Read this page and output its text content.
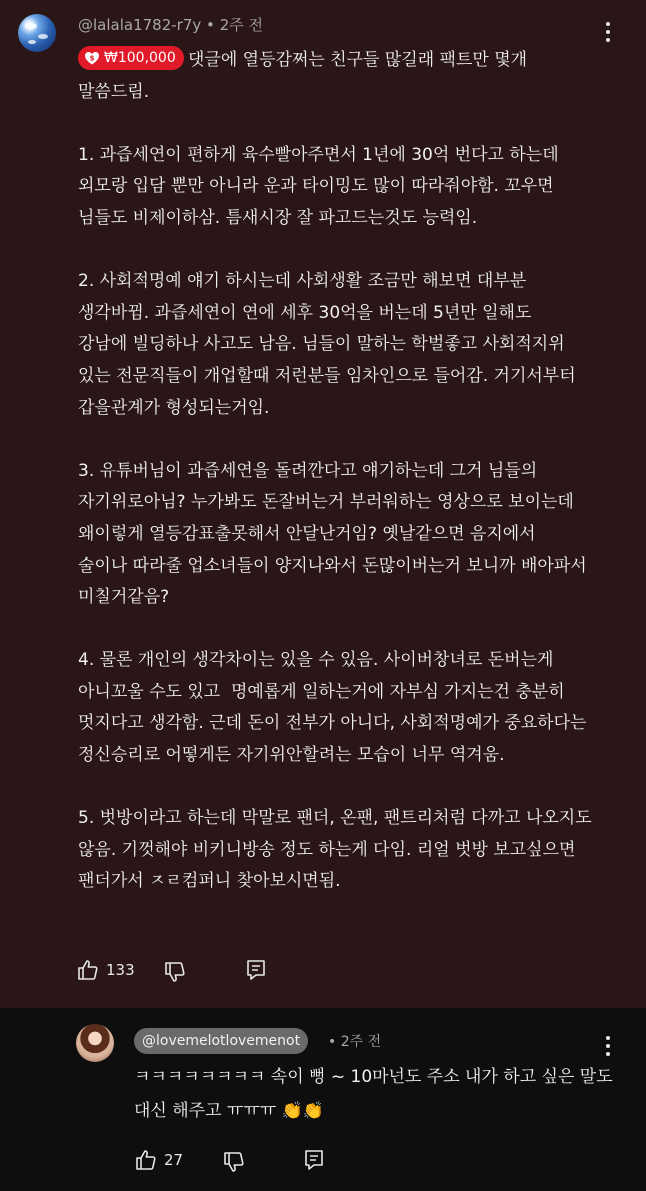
@lalala1782-r7y • 2주 전
$ ₩100,000 댓글에 열등감쩌는 친구들 많길래 팩트만 몇개
말씀드림.

1. 과즙세연이 편하게 육수빨아주면서 1년에 30억 번다고 하는데
외모랑 입담 뿐만 아니라 운과 타이밍도 많이 따라줘야함. 꼬우면
님들도 비제이하삼. 틈새시장 잘 파고드는것도 능력임.

2. 사회적명예 얘기 하시는데 사회생활 조금만 해보면 대부분
생각바뀜. 과즙세연이 연에 세후 30억을 버는데 5년만 일해도
강남에 빌딩하나 사고도 남음. 님들이 말하는 학벌좋고 사회적지위
있는 전문직들이 개업할때 저런분들 임차인으로 들어감. 거기서부터
갑을관계가 형성되는거임.

3. 유튜버님이 과즙세연을 돌려깐다고 얘기하는데 그거 님들의
자기위로아님? 누가봐도 돈잘버는거 부러워하는 영상으로 보이는데
왜이렇게 열등감표출못해서 안달난거임? 옛날같으면 음지에서
술이나 따라줄 업소녀들이 양지나와서 돈많이버는거 보니까 배아파서
미칠거같음?

4. 물론 개인의 생각차이는 있을 수 있음. 사이버창녀로 돈버는게
아니꼬울 수도 있고  명예롭게 일하는거에 자부심 가지는건 충분히
멋지다고 생각함. 근데 돈이 전부가 아니다, 사회적명예가 중요하다는
정신승리로 어떻게든 자기위안할려는 모습이 너무 역겨움.

5. 벗방이라고 하는데 막말로 팬더, 온팬, 팬트리처럼 다까고 나오지도
않음. 기껏해야 비키니방송 정도 하는게 다임. 리얼 벗방 보고싶으면
팬더가서 ㅈㄹ컴퍼니 찾아보시면됨.
133
@lovemelotlovemenot • 2주 전
ㅋㅋㅋㅋㅋㅋㅋㅋ 속이 뻥 ~ 10마넌도 주소 내가 하고 싶은 말도
대신 해주고 ㅠㅠㅠ 👏👏
27
